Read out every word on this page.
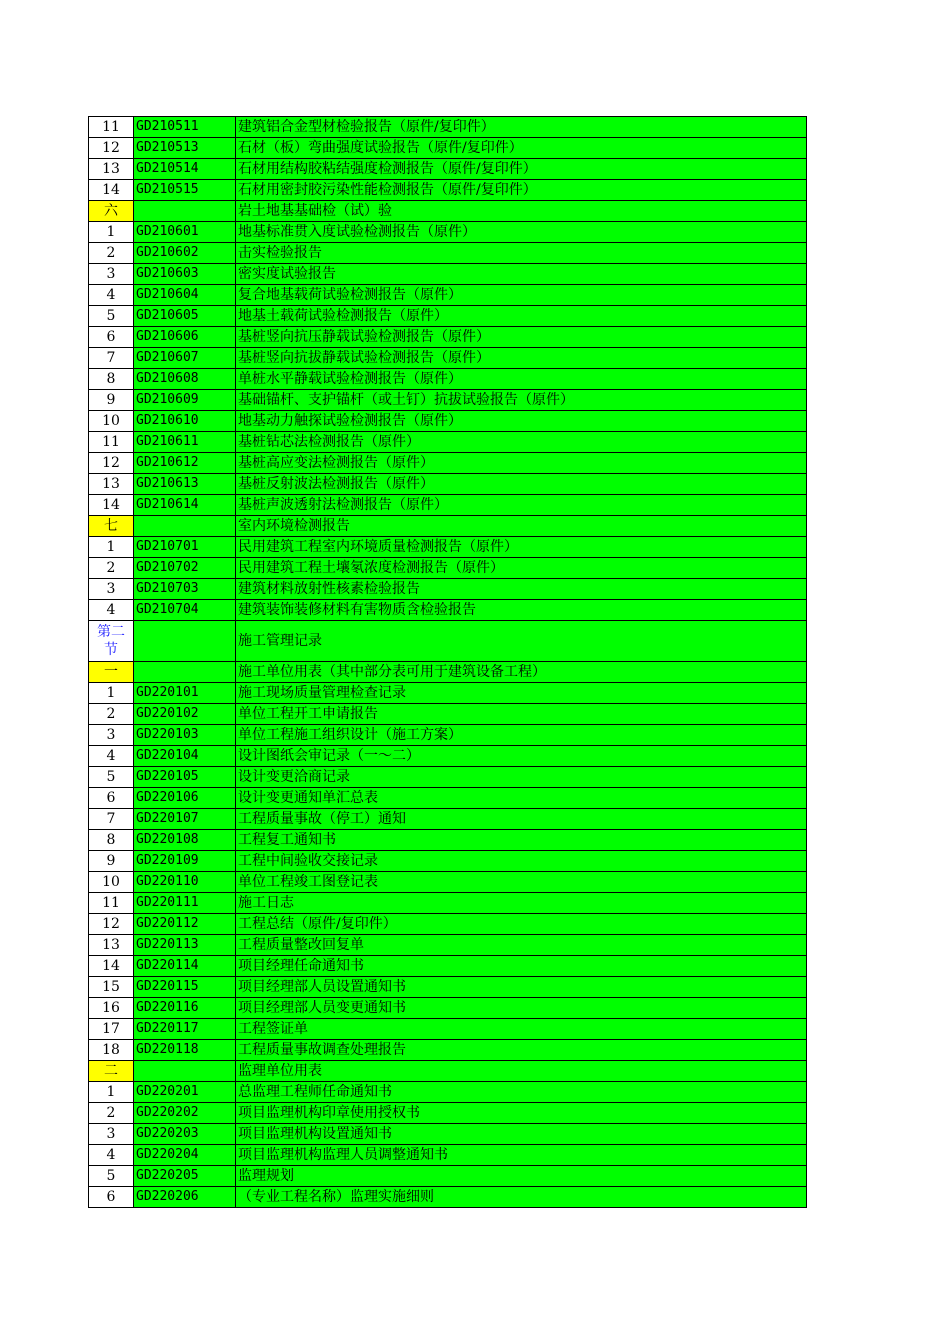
11	GD210511	建筑铝合金型材检验报告（原件/复印件）
12	GD210513	石材（板）弯曲强度试验报告（原件/复印件）
13	GD210514	石材用结构胶粘结强度检测报告（原件/复印件）
14	GD210515	石材用密封胶污染性能检测报告（原件/复印件）
六		岩土地基基础检（试）验
1	GD210601	地基标准贯入度试验检测报告（原件）
2	GD210602	击实检验报告
3	GD210603	密实度试验报告
4	GD210604	复合地基载荷试验检测报告（原件）
5	GD210605	地基土载荷试验检测报告（原件）
6	GD210606	基桩竖向抗压静载试验检测报告（原件）
7	GD210607	基桩竖向抗拔静载试验检测报告（原件）
8	GD210608	单桩水平静载试验检测报告（原件）
9	GD210609	基础锚杆、支护锚杆（或土钉）抗拔试验报告（原件）
10	GD210610	地基动力触探试验检测报告（原件）
11	GD210611	基桩钻芯法检测报告（原件）
12	GD210612	基桩高应变法检测报告（原件）
13	GD210613	基桩反射波法检测报告（原件）
14	GD210614	基桩声波透射法检测报告（原件）
七		室内环境检测报告
1	GD210701	民用建筑工程室内环境质量检测报告（原件）
2	GD210702	民用建筑工程土壤氡浓度检测报告（原件）
3	GD210703	建筑材料放射性核素检验报告
4	GD210704	建筑装饰装修材料有害物质含检验报告
第二节		施工管理记录
一		施工单位用表（其中部分表可用于建筑设备工程）
1	GD220101	施工现场质量管理检查记录
2	GD220102	单位工程开工申请报告
3	GD220103	单位工程施工组织设计（施工方案）
4	GD220104	设计图纸会审记录（一～二）
5	GD220105	设计变更洽商记录
6	GD220106	设计变更通知单汇总表
7	GD220107	工程质量事故（停工）通知
8	GD220108	工程复工通知书
9	GD220109	工程中间验收交接记录
10	GD220110	单位工程竣工图登记表
11	GD220111	施工日志
12	GD220112	工程总结（原件/复印件）
13	GD220113	工程质量整改回复单
14	GD220114	项目经理任命通知书
15	GD220115	项目经理部人员设置通知书
16	GD220116	项目经理部人员变更通知书
17	GD220117	工程签证单
18	GD220118	工程质量事故调查处理报告
二		监理单位用表
1	GD220201	总监理工程师任命通知书
2	GD220202	项目监理机构印章使用授权书
3	GD220203	项目监理机构设置通知书
4	GD220204	项目监理机构监理人员调整通知书
5	GD220205	监理规划
6	GD220206	（专业工程名称）监理实施细则
